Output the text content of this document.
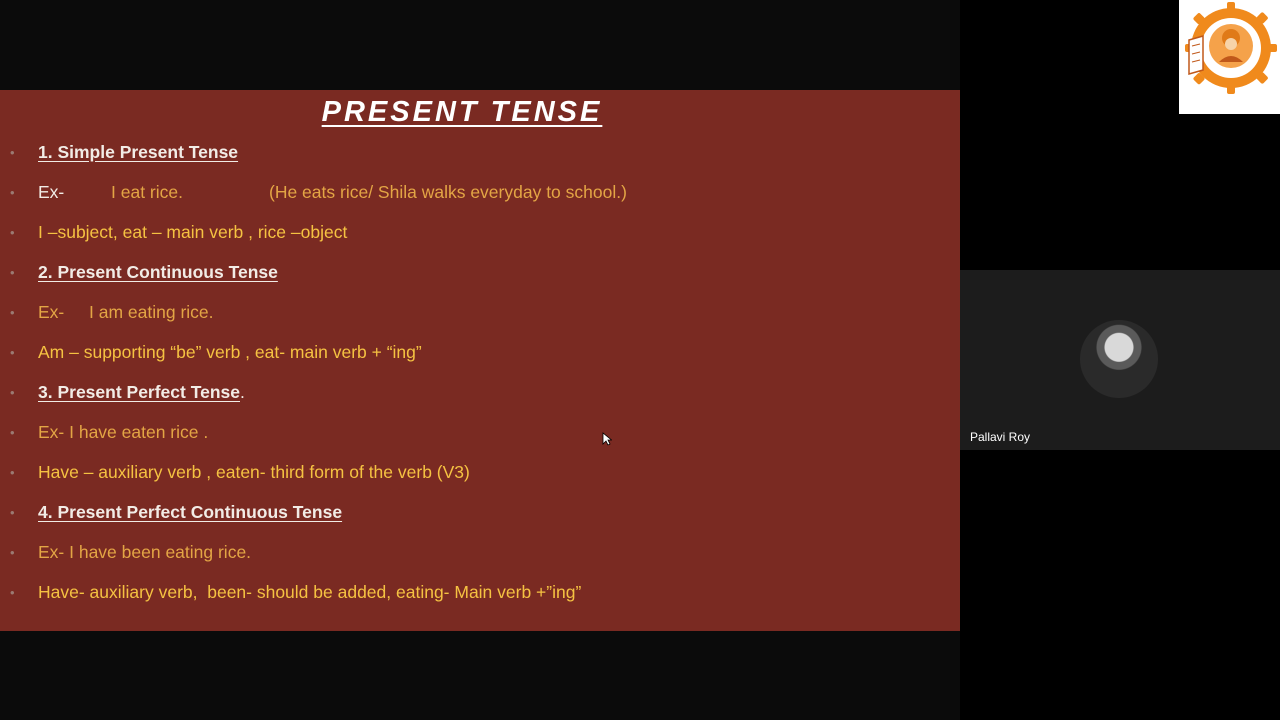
PRESENT TENSE
• 1. Simple Present Tense
• Ex-	I eat rice.	(He eats rice/ Shila walks everyday to school.)
• I –subject, eat – main verb , rice –object
• 2. Present Continuous Tense
• Ex- I am eating rice.
• Am – supporting “be” verb , eat- main verb + “ing”
• 3. Present Perfect Tense.
• Ex- I have eaten rice .
• Have – auxiliary verb , eaten- third form of the verb (V3)
• 4. Present Perfect Continuous Tense
• Ex- I have been eating rice.
• Have- auxiliary verb,  been- should be added, eating- Main verb +”ing”
Pallavi Roy
